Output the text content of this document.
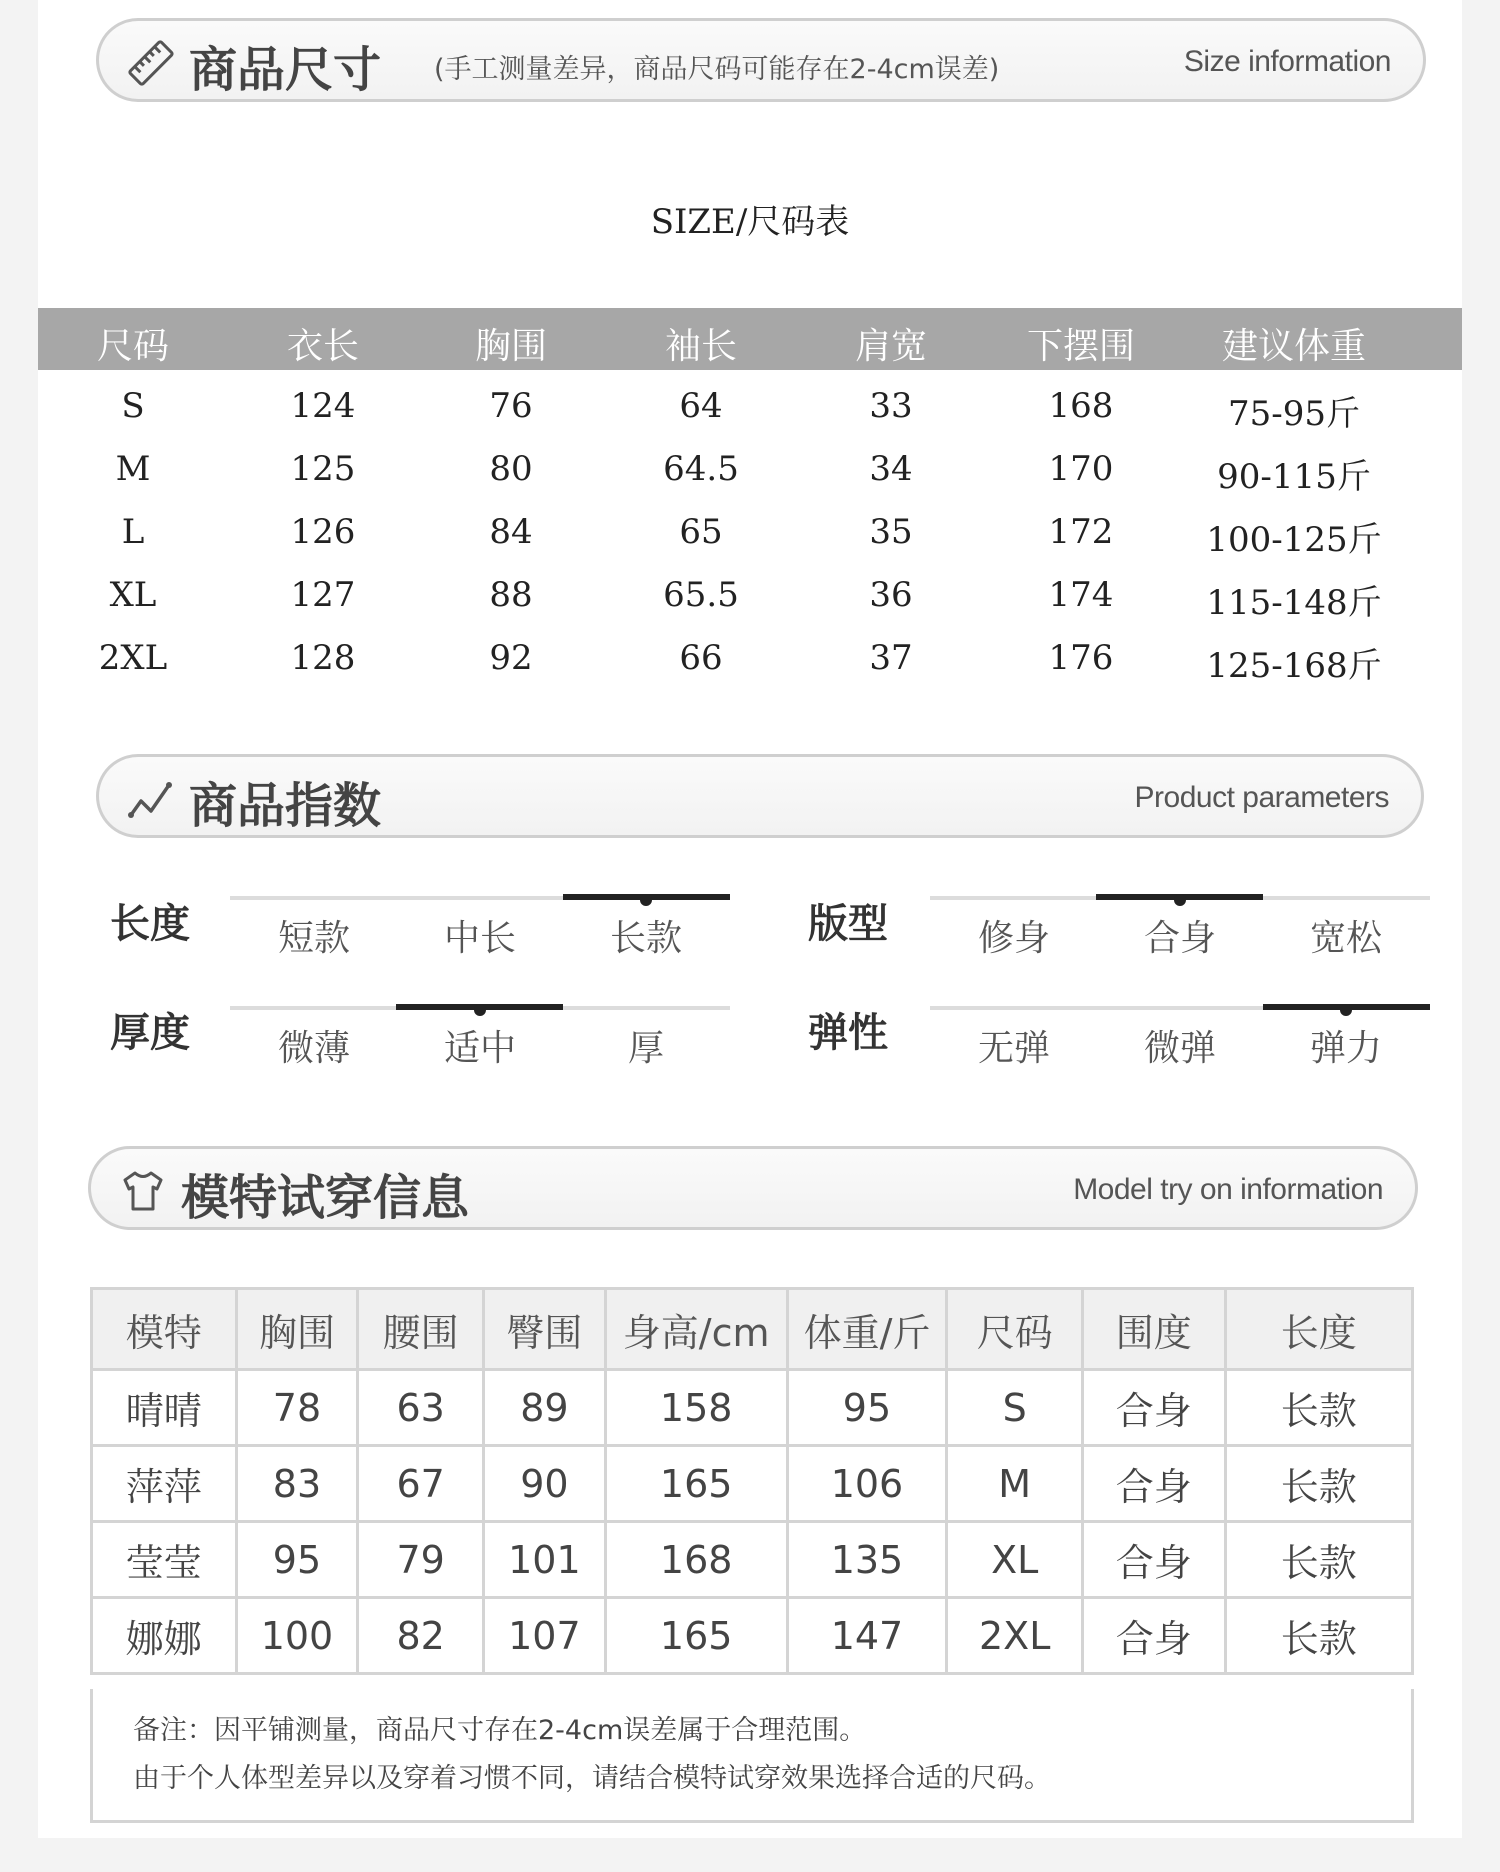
商品尺寸 (手工测量差异，商品尺码可能存在2-4cm误差)	Size information
SIZE/尺码表
尺码	衣长	胸围	袖长	肩宽	下摆围 建议体重
S	124	76	64	33	168	75-95斤
M	125	80	64.5	34	170	90-115斤
L	126	84	65	35	172	100-125斤
XL	127	88	65.5	36	174	115-148斤
2XL	128	92	66	37	176	125-168斤
商品指数	Product parameters
长度 短款	中长	长款	版型 修身	合身	宽松
厚度 微薄	适中	厚	弹性 无弹	微弹	弹力
模特试穿信息	Model try on information
模特	胸围	腰围	臀围	身高/cm	体重/斤	尺码	围度	长度
晴晴	78	63	89	158	95	S	合身	长款
萍萍	83	67	90	165	106	M	合身	长款
莹莹	95	79	101	168	135	XL	合身	长款
娜娜	100	82	107	165	147	2XL	合身	长款
备注：因平铺测量，商品尺寸存在2-4cm误差属于合理范围。
由于个人体型差异以及穿着习惯不同，请结合模特试穿效果选择合适的尺码。
